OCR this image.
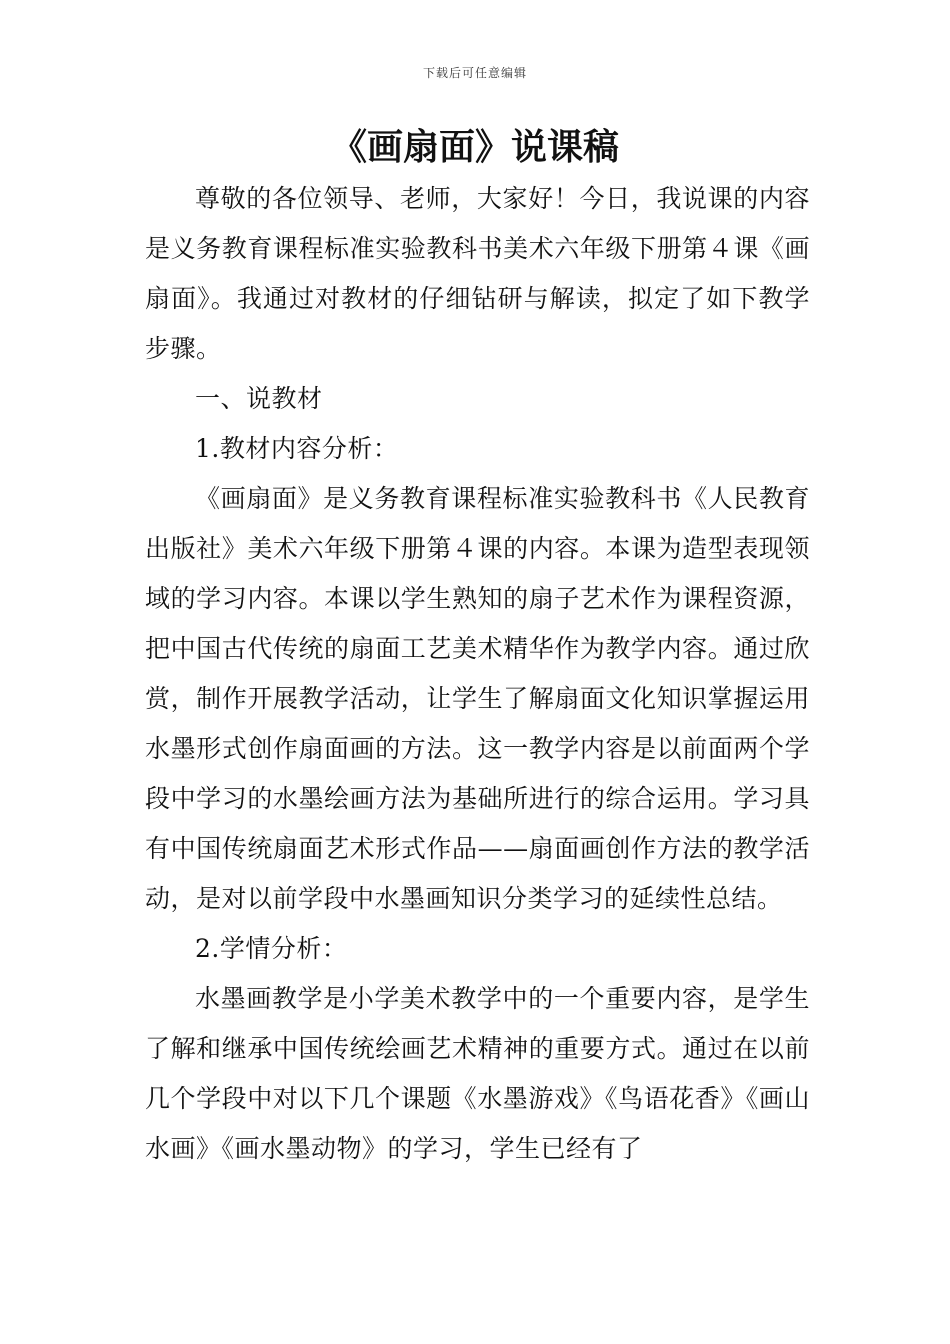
下载后可任意编辑
《画扇面》说课稿

尊敬的各位领导、老师，大家好！今日，我说课的内容是义务教育课程标准实验教科书美术六年级下册第４课《画扇面》。我通过对教材的仔细钻研与解读，拟定了如下教学步骤。

一、说教材

1.教材内容分析：

《画扇面》是义务教育课程标准实验教科书《人民教育出版社》美术六年级下册第４课的内容。本课为造型表现领域的学习内容。本课以学生熟知的扇子艺术作为课程资源，把中国古代传统的扇面工艺美术精华作为教学内容。通过欣赏，制作开展教学活动，让学生了解扇面文化知识掌握运用水墨形式创作扇面画的方法。这一教学内容是以前面两个学段中学习的水墨绘画方法为基础所进行的综合运用。学习具有中国传统扇面艺术形式作品——扇面画创作方法的教学活动，是对以前学段中水墨画知识分类学习的延续性总结。

2.学情分析：

水墨画教学是小学美术教学中的一个重要内容，是学生了解和继承中国传统绘画艺术精神的重要方式。通过在以前几个学段中对以下几个课题《水墨游戏》《鸟语花香》《画山水画》《画水墨动物》的学习，学生已经有了
